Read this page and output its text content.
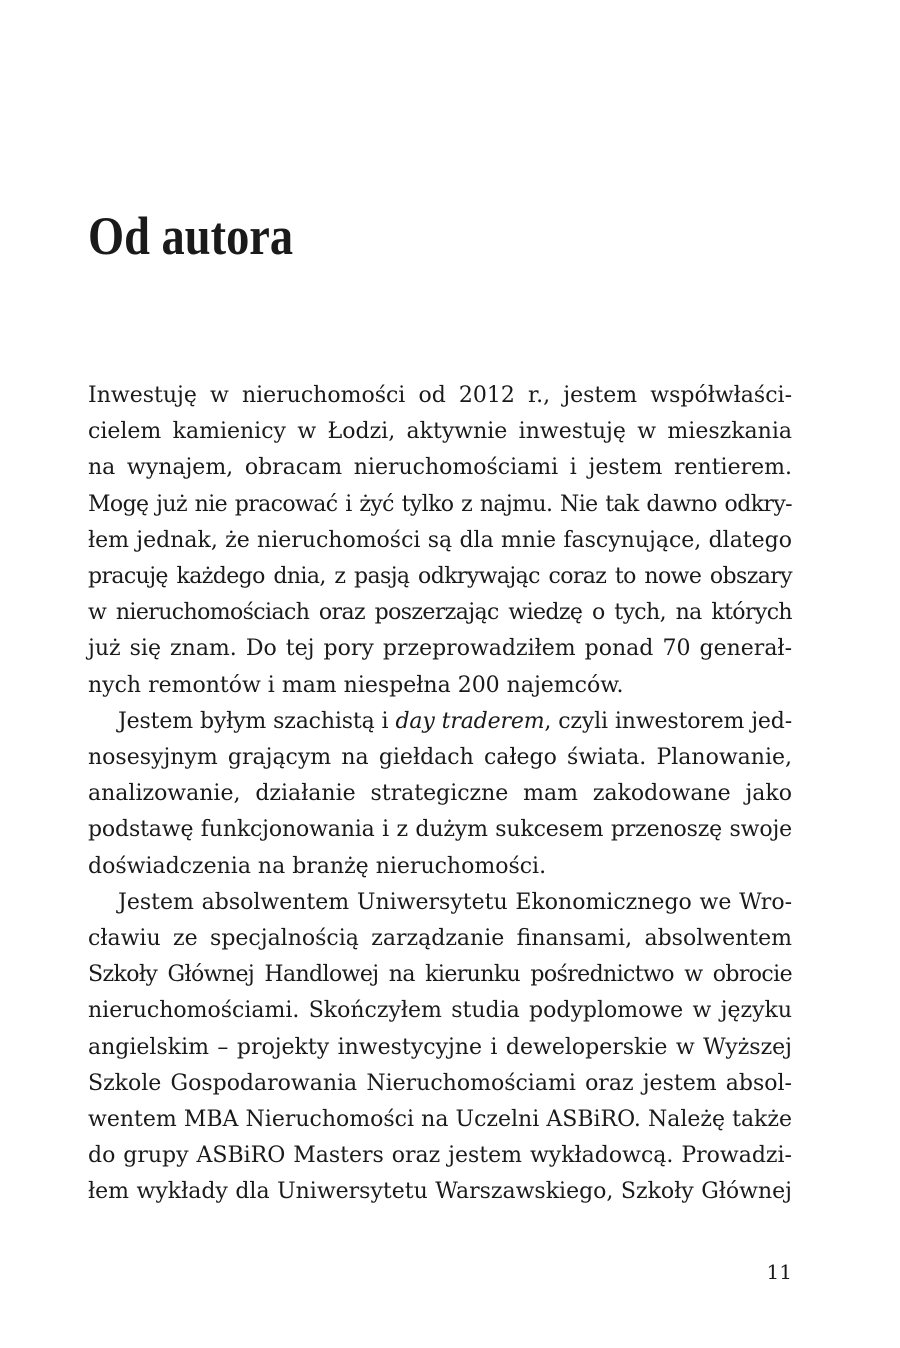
Od autora

Inwestuję w nieruchomości od 2012 r., jestem współwłaści-
cielem kamienicy w Łodzi, aktywnie inwestuję w mieszkania
na wynajem, obracam nieruchomościami i jestem rentierem.
Mogę już nie pracować i żyć tylko z najmu. Nie tak dawno odkry-
łem jednak, że nieruchomości są dla mnie fascynujące, dlatego
pracuję każdego dnia, z pasją odkrywając coraz to nowe obszary
w nieruchomościach oraz poszerzając wiedzę o tych, na których
już się znam. Do tej pory przeprowadziłem ponad 70 generał-
nych remontów i mam niespełna 200 najemców.

Jestem byłym szachistą i day traderem, czyli inwestorem jed-
nosesyjnym grającym na giełdach całego świata. Planowanie,
analizowanie, działanie strategiczne mam zakodowane jako
podstawę funkcjonowania i z dużym sukcesem przenoszę swoje
doświadczenia na branżę nieruchomości.

Jestem absolwentem Uniwersytetu Ekonomicznego we Wro-
cławiu ze specjalnością zarządzanie finansami, absolwentem
Szkoły Głównej Handlowej na kierunku pośrednictwo w obrocie
nieruchomościami. Skończyłem studia podyplomowe w języku
angielskim – projekty inwestycyjne i deweloperskie w Wyższej
Szkole Gospodarowania Nieruchomościami oraz jestem absol-
wentem MBA Nieruchomości na Uczelni ASBiRO. Należę także
do grupy ASBiRO Masters oraz jestem wykładowcą. Prowadzi-
łem wykłady dla Uniwersytetu Warszawskiego, Szkoły Głównej

11
